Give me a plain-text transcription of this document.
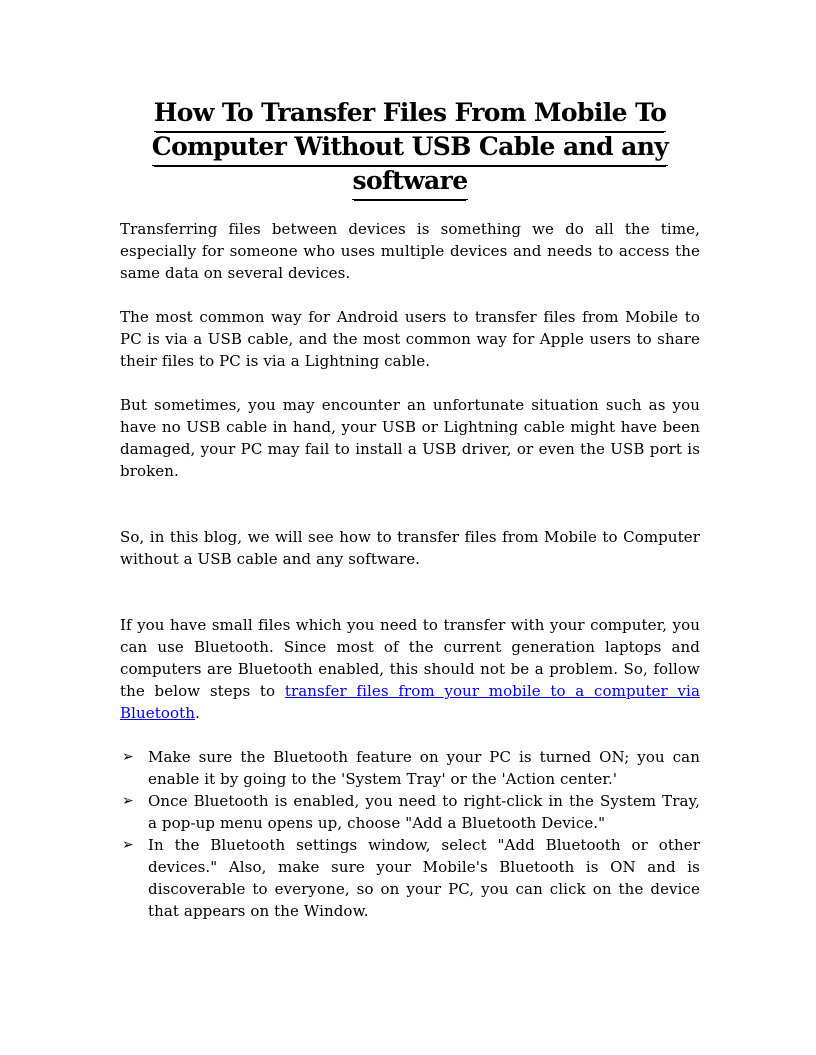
How To Transfer Files From Mobile To
Computer Without USB Cable and any
software

Transferring files between devices is something we do all the time, especially for someone who uses multiple devices and needs to access the same data on several devices.

The most common way for Android users to transfer files from Mobile to PC is via a USB cable, and the most common way for Apple users to share their files to PC is via a Lightning cable.

But sometimes, you may encounter an unfortunate situation such as you have no USB cable in hand, your USB or Lightning cable might have been damaged, your PC may fail to install a USB driver, or even the USB port is broken.

So, in this blog, we will see how to transfer files from Mobile to Computer without a USB cable and any software.

If you have small files which you need to transfer with your computer, you can use Bluetooth. Since most of the current generation laptops and computers are Bluetooth enabled, this should not be a problem. So, follow the below steps to transfer files from your mobile to a computer via Bluetooth.

➢ Make sure the Bluetooth feature on your PC is turned ON; you can enable it by going to the 'System Tray' or the 'Action center.'
➢ Once Bluetooth is enabled, you need to right-click in the System Tray, a pop-up menu opens up, choose "Add a Bluetooth Device."
➢ In the Bluetooth settings window, select "Add Bluetooth or other devices." Also, make sure your Mobile's Bluetooth is ON and is discoverable to everyone, so on your PC, you can click on the device that appears on the Window.
